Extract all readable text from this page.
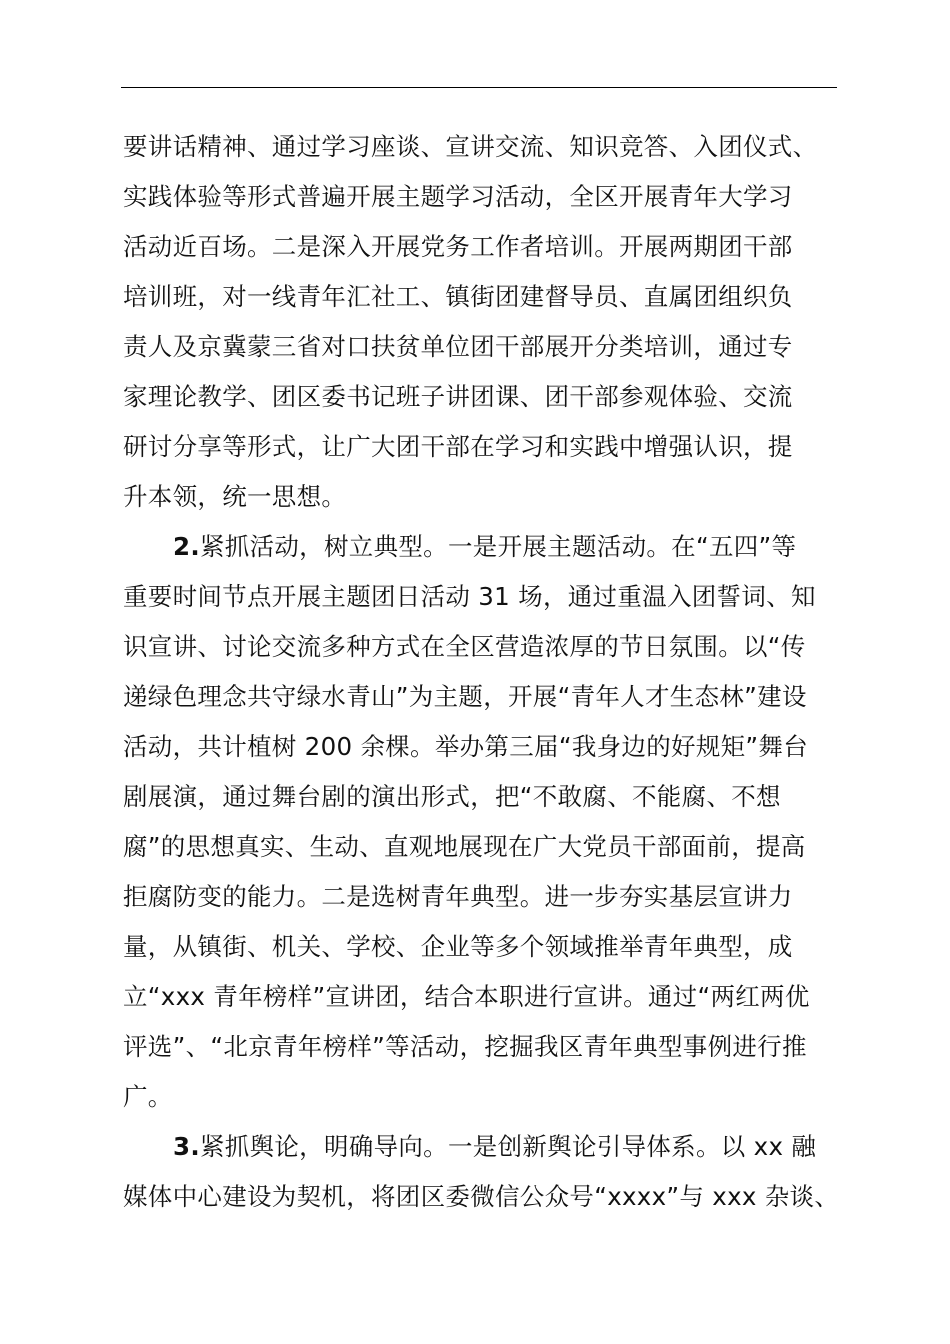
要讲话精神、通过学习座谈、宣讲交流、知识竞答、入团仪式、
实践体验等形式普遍开展主题学习活动，全区开展青年大学习
活动近百场。二是深入开展党务工作者培训。开展两期团干部
培训班，对一线青年汇社工、镇街团建督导员、直属团组织负
责人及京冀蒙三省对口扶贫单位团干部展开分类培训，通过专
家理论教学、团区委书记班子讲团课、团干部参观体验、交流
研讨分享等形式，让广大团干部在学习和实践中增强认识，提
升本领，统一思想。
2.紧抓活动，树立典型。一是开展主题活动。在“五四”等
重要时间节点开展主题团日活动 31 场，通过重温入团誓词、知
识宣讲、讨论交流多种方式在全区营造浓厚的节日氛围。以“传
递绿色理念共守绿水青山”为主题，开展“青年人才生态林”建设
活动，共计植树 200 余棵。举办第三届“我身边的好规矩”舞台
剧展演，通过舞台剧的演出形式，把“不敢腐、不能腐、不想
腐”的思想真实、生动、直观地展现在广大党员干部面前，提高
拒腐防变的能力。二是选树青年典型。进一步夯实基层宣讲力
量，从镇街、机关、学校、企业等多个领域推举青年典型，成
立“xxx 青年榜样”宣讲团，结合本职进行宣讲。通过“两红两优
评选”、“北京青年榜样”等活动，挖掘我区青年典型事例进行推
广。
3.紧抓舆论，明确导向。一是创新舆论引导体系。以 xx 融
媒体中心建设为契机，将团区委微信公众号“xxxx”与 xxx 杂谈、
